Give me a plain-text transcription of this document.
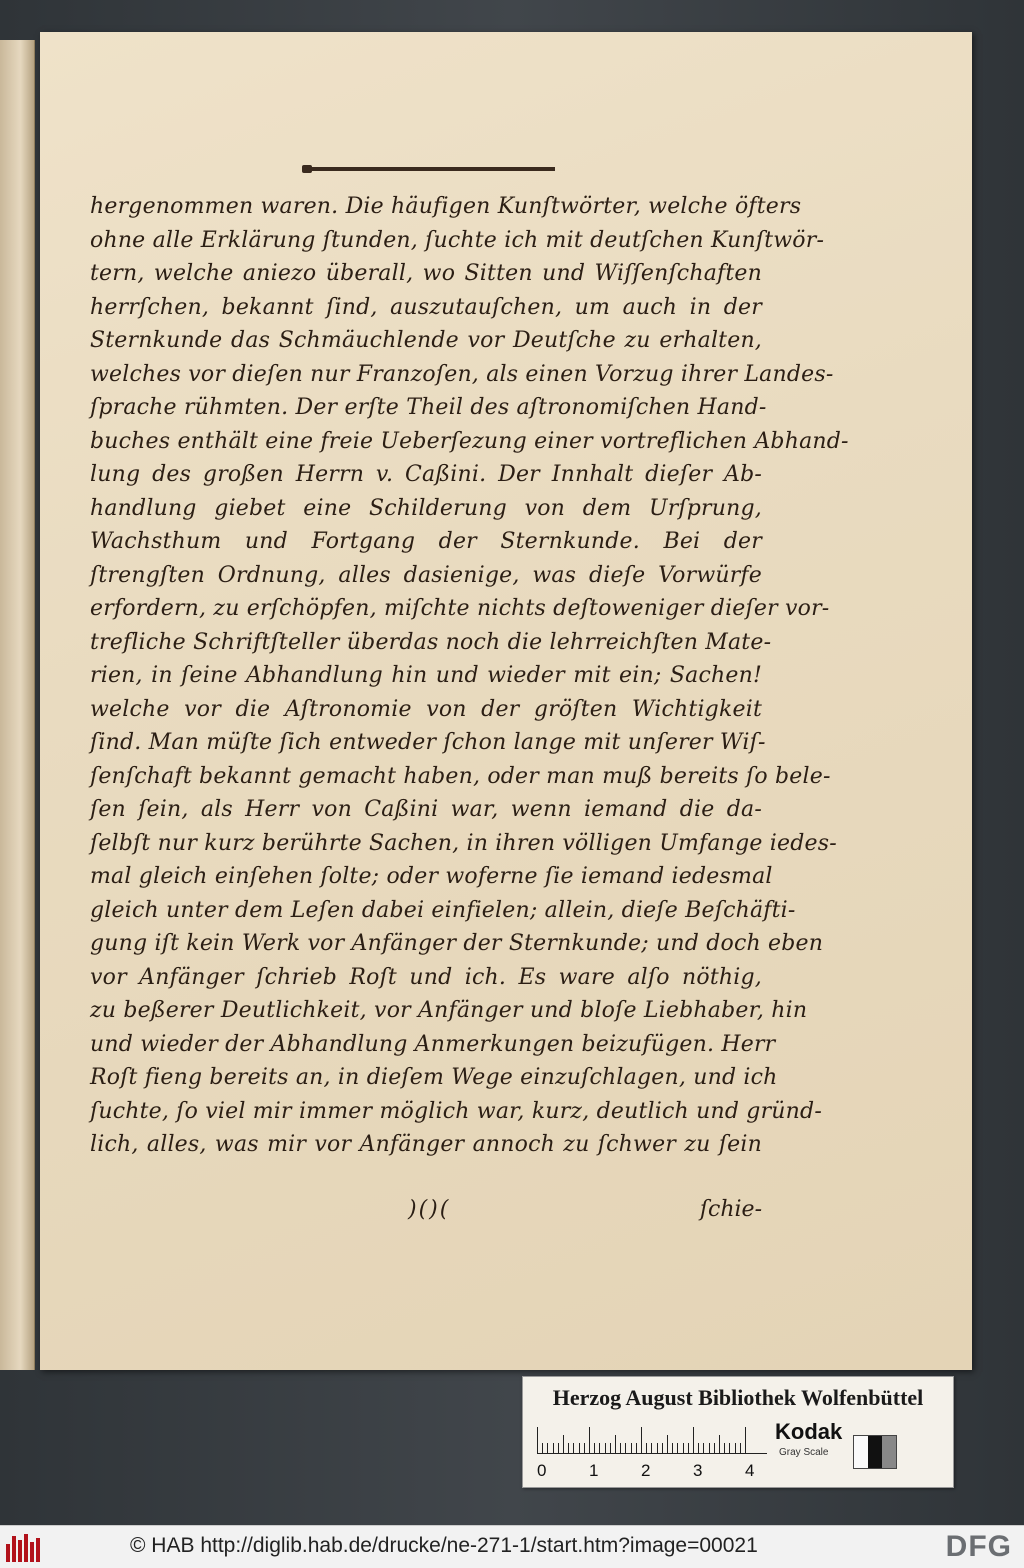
hergenommen waren. Die häufigen Kunſtwörter, welche öfters
ohne alle Erklärung ſtunden, ſuchte ich mit deutſchen Kunſtwör-
tern, welche aniezo überall, wo Sitten und Wiſſenſchaften
herrſchen, bekannt ſind, auszutauſchen, um auch in der
Sternkunde das Schmäuchlende vor Deutſche zu erhalten,
welches vor dieſen nur Franzoſen, als einen Vorzug ihrer Landes-
ſprache rühmten. Der erſte Theil des aſtronomiſchen Hand-
buches enthält eine freie Ueberſezung einer vortreflichen Abhand-
lung des großen Herrn v. Caßini. Der Innhalt dieſer Ab-
handlung giebet eine Schilderung von dem Urſprung,
Wachsthum und Fortgang der Sternkunde. Bei der
ſtrengſten Ordnung, alles dasienige, was dieſe Vorwürfe
erfordern, zu erſchöpfen, miſchte nichts deſtoweniger dieſer vor-
trefliche Schriftſteller überdas noch die lehrreichſten Mate-
rien, in ſeine Abhandlung hin und wieder mit ein; Sachen!
welche vor die Aſtronomie von der gröſten Wichtigkeit
ſind. Man müſte ſich entweder ſchon lange mit unſerer Wiſ-
ſenſchaft bekannt gemacht haben, oder man muß bereits ſo bele-
ſen ſein, als Herr von Caßini war, wenn iemand die da-
ſelbſt nur kurz berührte Sachen, in ihren völligen Umfange iedes-
mal gleich einſehen ſolte; oder woferne ſie iemand iedesmal
gleich unter dem Leſen dabei einfielen; allein, dieſe Beſchäfti-
gung iſt kein Werk vor Anfänger der Sternkunde; und doch eben
vor Anfänger ſchrieb Roſt und ich. Es ware alſo nöthig,
zu beßerer Deutlichkeit, vor Anfänger und bloſe Liebhaber, hin
und wieder der Abhandlung Anmerkungen beizufügen. Herr
Roſt fieng bereits an, in dieſem Wege einzuſchlagen, und ich
ſuchte, ſo viel mir immer möglich war, kurz, deutlich und gründ-
lich, alles, was mir vor Anfänger annoch zu ſchwer zu ſein
)()(	ſchie-
Herzog August Bibliothek Wolfenbüttel
0	1	2	3	4
Kodak
Gray Scale
© HAB http://diglib.hab.de/drucke/ne-271-1/start.htm?image=00021	DFG
